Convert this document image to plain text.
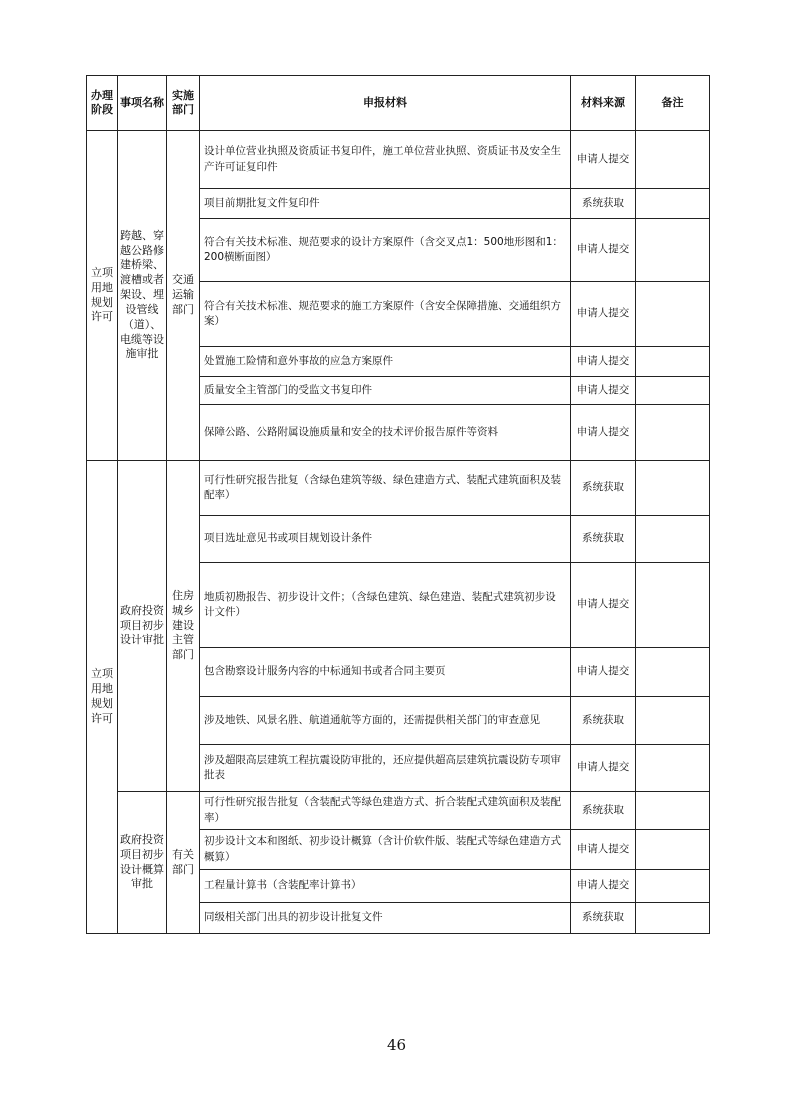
办理阶段	事项名称	实施部门	申报材料	材料来源	备注
立项用地规划许可	跨越、穿越公路修建桥梁、渡槽或者架设、埋设管线（道）、电缆等设施审批	交通运输部门	设计单位营业执照及资质证书复印件，施工单位营业执照、资质证书及安全生产许可证复印件	申请人提交	
			项目前期批复文件复印件	系统获取	
			符合有关技术标准、规范要求的设计方案原件（含交叉点1：500地形图和1：200横断面图）	申请人提交	
			符合有关技术标准、规范要求的施工方案原件（含安全保障措施、交通组织方案）	申请人提交	
			处置施工险情和意外事故的应急方案原件	申请人提交	
			质量安全主管部门的受监文书复印件	申请人提交	
			保障公路、公路附属设施质量和安全的技术评价报告原件等资料	申请人提交	
立项用地规划许可	政府投资项目初步设计审批	住房城乡建设主管部门	可行性研究报告批复（含绿色建筑等级、绿色建造方式、装配式建筑面积及装配率）	系统获取	
			项目选址意见书或项目规划设计条件	系统获取	
			地质初勘报告、初步设计文件；（含绿色建筑、绿色建造、装配式建筑初步设计文件）	申请人提交	
			包含勘察设计服务内容的中标通知书或者合同主要页	申请人提交	
			涉及地铁、风景名胜、航道通航等方面的，还需提供相关部门的审查意见	系统获取	
			涉及超限高层建筑工程抗震设防审批的，还应提供超高层建筑抗震设防专项审批表	申请人提交	
	政府投资项目初步设计概算审批	有关部门	可行性研究报告批复（含装配式等绿色建造方式、折合装配式建筑面积及装配率）	系统获取	
			初步设计文本和图纸、初步设计概算（含计价软件版、装配式等绿色建造方式概算）	申请人提交	
			工程量计算书（含装配率计算书）	申请人提交	
			同级相关部门出具的初步设计批复文件	系统获取	
46
